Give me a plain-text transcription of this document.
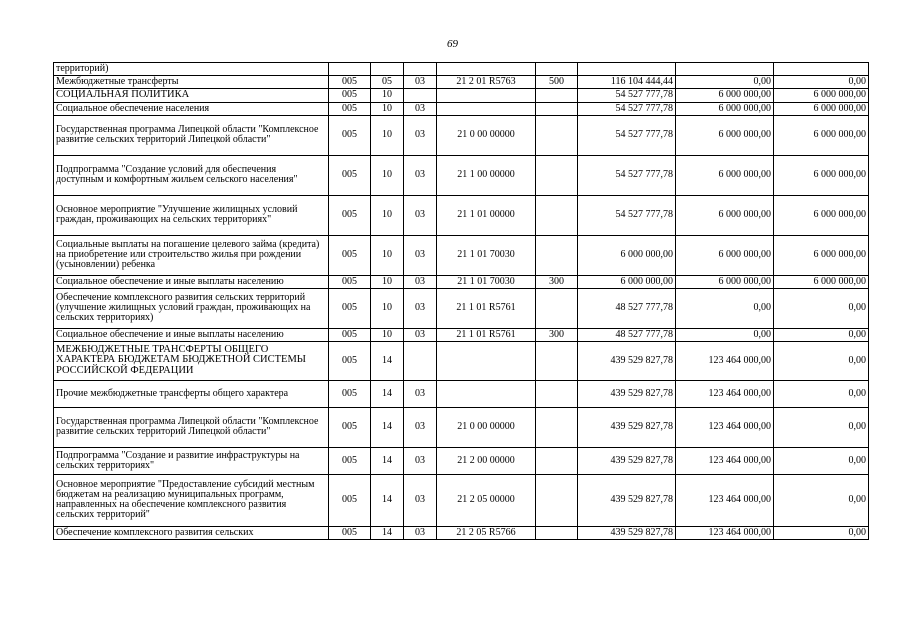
69
территорий)								
Межбюджетные трансферты	005	05	03	21 2 01 R5763	500	116 104 444,44	0,00	0,00
СОЦИАЛЬНАЯ ПОЛИТИКА	005	10				54 527 777,78	6 000 000,00	6 000 000,00
Социальное обеспечение населения	005	10	03			54 527 777,78	6 000 000,00	6 000 000,00
Государственная программа Липецкой области "Комплексное развитие сельских территорий Липецкой области"	005	10	03	21 0 00 00000		54 527 777,78	6 000 000,00	6 000 000,00
Подпрограмма "Создание условий для обеспечения доступным и комфортным жильем сельского населения"	005	10	03	21 1 00 00000		54 527 777,78	6 000 000,00	6 000 000,00
Основное мероприятие "Улучшение жилищных условий граждан, проживающих на сельских территориях"	005	10	03	21 1 01 00000		54 527 777,78	6 000 000,00	6 000 000,00
Социальные выплаты на погашение целевого займа (кредита) на приобретение или строительство жилья при рождении (усыновлении) ребенка	005	10	03	21 1 01 70030		6 000 000,00	6 000 000,00	6 000 000,00
Социальное обеспечение и иные выплаты населению	005	10	03	21 1 01 70030	300	6 000 000,00	6 000 000,00	6 000 000,00
Обеспечение комплексного развития сельских территорий (улучшение жилищных условий граждан, проживающих на сельских территориях)	005	10	03	21 1 01 R5761		48 527 777,78	0,00	0,00
Социальное обеспечение и иные выплаты населению	005	10	03	21 1 01 R5761	300	48 527 777,78	0,00	0,00
МЕЖБЮДЖЕТНЫЕ ТРАНСФЕРТЫ ОБЩЕГО ХАРАКТЕРА БЮДЖЕТАМ БЮДЖЕТНОЙ СИСТЕМЫ РОССИЙСКОЙ ФЕДЕРАЦИИ	005	14				439 529 827,78	123 464 000,00	0,00
Прочие межбюджетные трансферты общего характера	005	14	03			439 529 827,78	123 464 000,00	0,00
Государственная программа Липецкой области "Комплексное развитие сельских территорий Липецкой области"	005	14	03	21 0 00 00000		439 529 827,78	123 464 000,00	0,00
Подпрограмма "Создание и развитие инфраструктуры на сельских территориях"	005	14	03	21 2 00 00000		439 529 827,78	123 464 000,00	0,00
Основное мероприятие "Предоставление субсидий местным бюджетам на реализацию муниципальных программ, направленных на обеспечение комплексного развития сельских территорий"	005	14	03	21 2 05 00000		439 529 827,78	123 464 000,00	0,00
Обеспечение комплексного развития сельских	005	14	03	21 2 05 R5766		439 529 827,78	123 464 000,00	0,00
